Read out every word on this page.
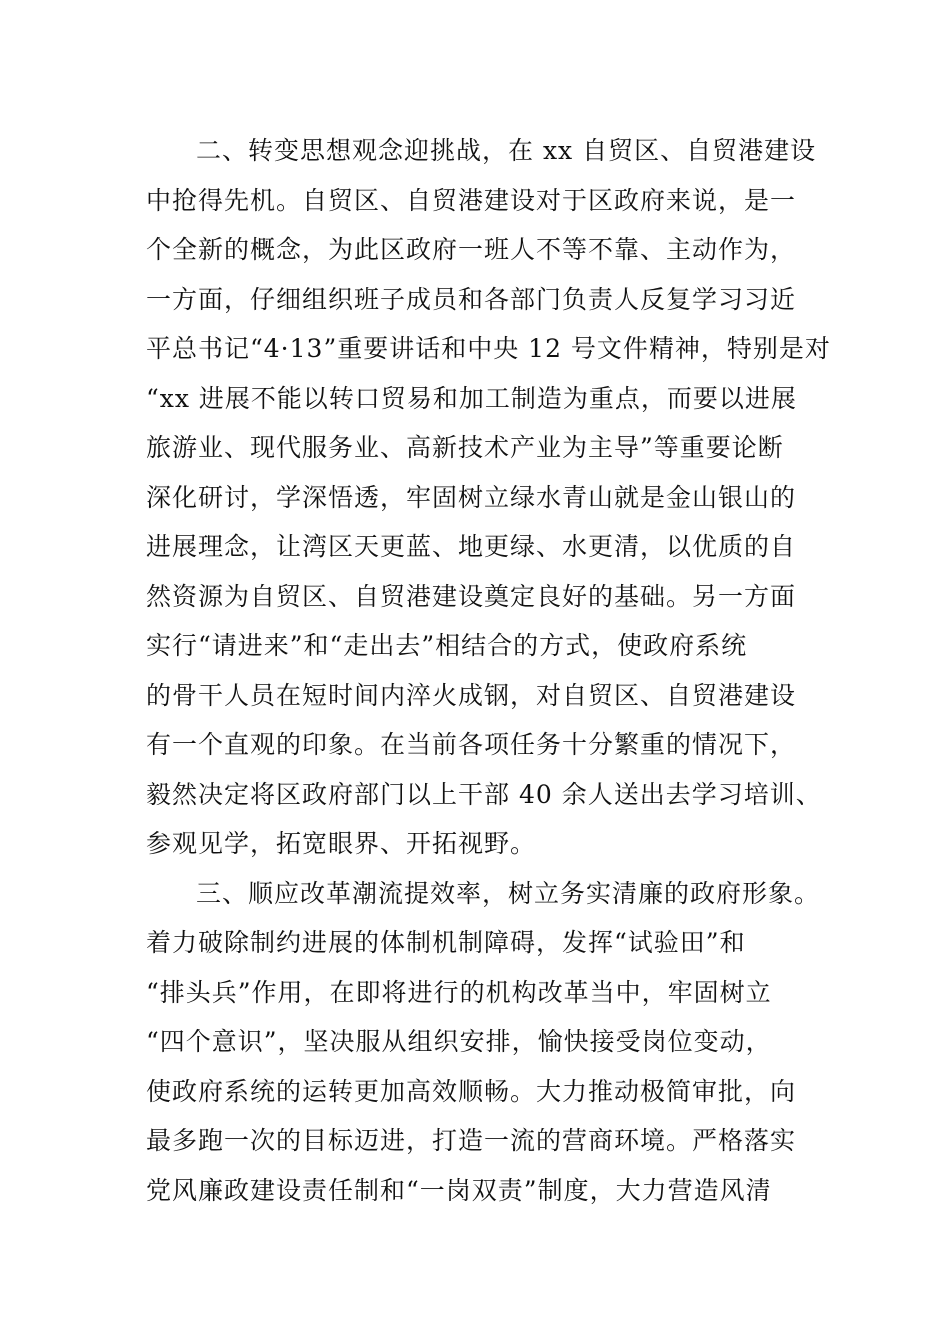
二、转变思想观念迎挑战，在 xx 自贸区、自贸港建设
中抢得先机。自贸区、自贸港建设对于区政府来说，是一
个全新的概念，为此区政府一班人不等不靠、主动作为，
一方面，仔细组织班子成员和各部门负责人反复学习习近
平总书记“4·13”重要讲话和中央 12 号文件精神，特别是对
“xx 进展不能以转口贸易和加工制造为重点，而要以进展
旅游业、现代服务业、高新技术产业为主导”等重要论断
深化研讨，学深悟透，牢固树立绿水青山就是金山银山的
进展理念，让湾区天更蓝、地更绿、水更清，以优质的自
然资源为自贸区、自贸港建设奠定良好的基础。另一方面
实行“请进来”和“走出去”相结合的方式，使政府系统
的骨干人员在短时间内淬火成钢，对自贸区、自贸港建设
有一个直观的印象。在当前各项任务十分繁重的情况下，
毅然决定将区政府部门以上干部 40 余人送出去学习培训、
参观见学，拓宽眼界、开拓视野。
三、顺应改革潮流提效率，树立务实清廉的政府形象。
着力破除制约进展的体制机制障碍，发挥“试验田”和
“排头兵”作用，在即将进行的机构改革当中，牢固树立
“四个意识”，坚决服从组织安排，愉快接受岗位变动，
使政府系统的运转更加高效顺畅。大力推动极简审批，向
最多跑一次的目标迈进，打造一流的营商环境。严格落实
党风廉政建设责任制和“一岗双责”制度，大力营造风清
